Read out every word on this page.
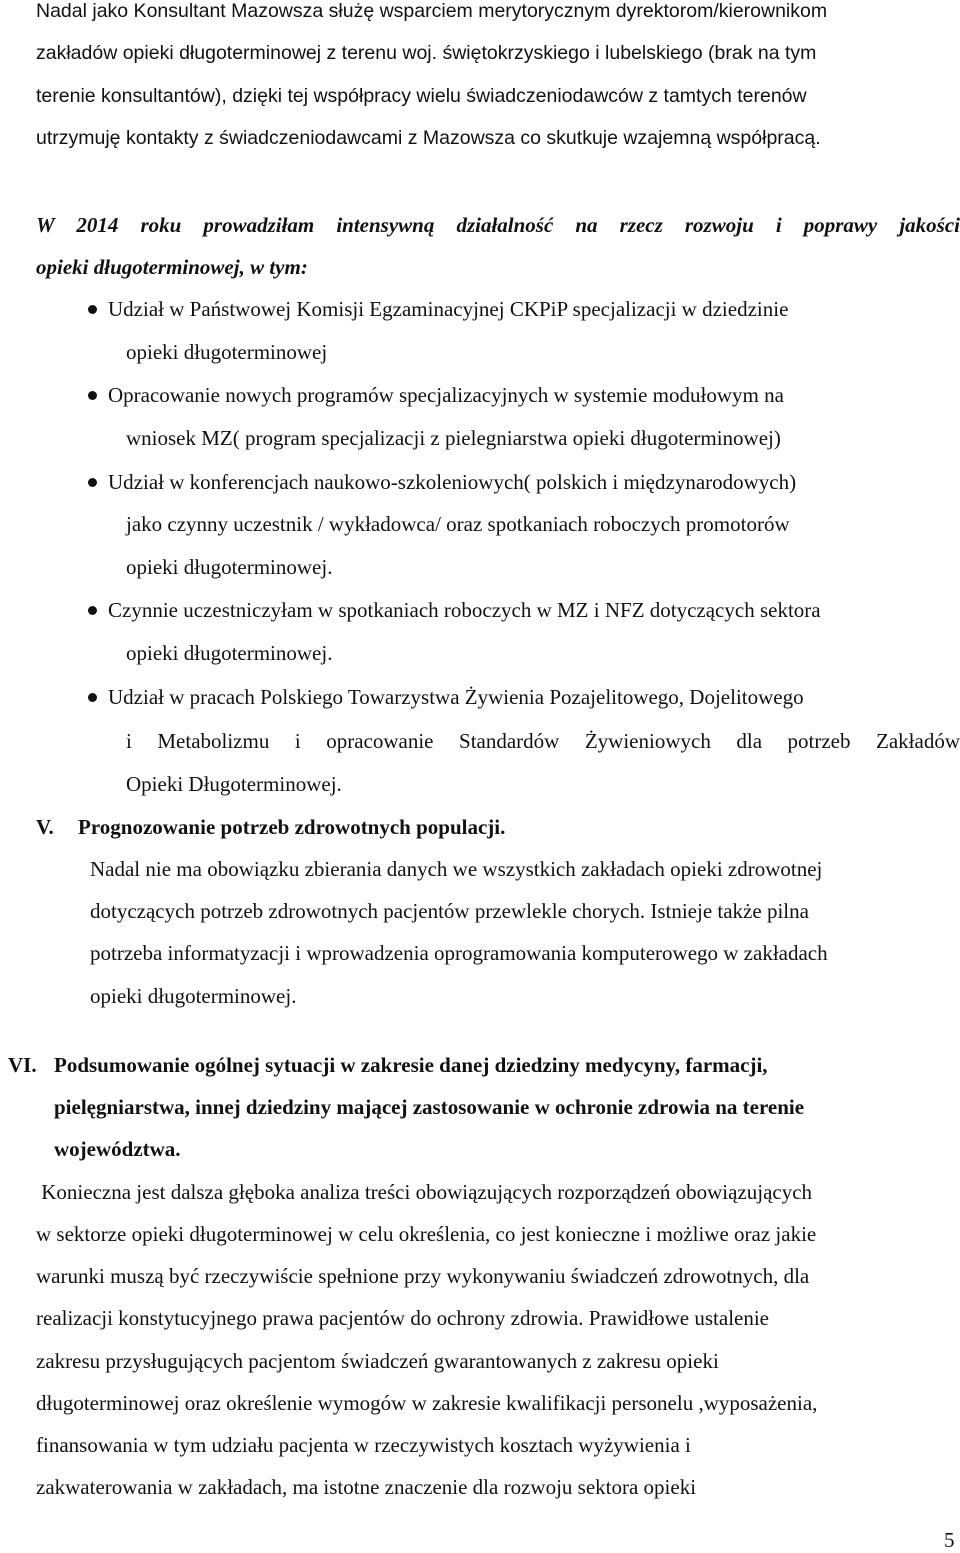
Nadal jako Konsultant Mazowsza służę wsparciem merytorycznym dyrektorom/kierownikom
zakładów opieki długoterminowej z terenu woj. świętokrzyskiego i lubelskiego (brak na tym
terenie konsultantów), dzięki tej współpracy wielu świadczeniodawców z tamtych terenów
utrzymuję kontakty z świadczeniodawcami z Mazowsza co skutkuje wzajemną współpracą.
W 2014 roku prowadziłam intensywną działalność na rzecz rozwoju i poprawy jakości
opieki długoterminowej, w tym:
Udział w Państwowej Komisji Egzaminacyjnej CKPiP specjalizacji w dziedzinie
opieki długoterminowej
Opracowanie nowych programów specjalizacyjnych w systemie modułowym na
wniosek MZ( program specjalizacji z pielegniarstwa opieki długoterminowej)
Udział w konferencjach naukowo-szkoleniowych( polskich i międzynarodowych)
jako czynny uczestnik / wykładowca/ oraz spotkaniach roboczych promotorów
opieki długoterminowej.
Czynnie uczestniczyłam w spotkaniach roboczych w MZ i NFZ dotyczących sektora
opieki długoterminowej.
Udział w pracach Polskiego Towarzystwa Żywienia Pozajelitowego, Dojelitowego
i Metabolizmu i opracowanie Standardów Żywieniowych dla potrzeb Zakładów
Opieki Długoterminowej.
V. Prognozowanie potrzeb zdrowotnych populacji.
Nadal nie ma obowiązku zbierania danych we wszystkich zakładach opieki zdrowotnej
dotyczących potrzeb zdrowotnych pacjentów przewlekle chorych. Istnieje także pilna
potrzeba informatyzacji i wprowadzenia oprogramowania komputerowego w zakładach
opieki długoterminowej.
VI. Podsumowanie ogólnej sytuacji w zakresie danej dziedziny medycyny, farmacji,
pielęgniarstwa, innej dziedziny mającej zastosowanie w ochronie zdrowia na terenie
województwa.
Konieczna jest dalsza głęboka analiza treści obowiązujących rozporządzeń obowiązujących
w sektorze opieki długoterminowej w celu określenia, co jest konieczne i możliwe oraz jakie
warunki muszą być rzeczywiście spełnione przy wykonywaniu świadczeń zdrowotnych, dla
realizacji konstytucyjnego prawa pacjentów do ochrony zdrowia. Prawidłowe ustalenie
zakresu przysługujących pacjentom świadczeń gwarantowanych z zakresu opieki
długoterminowej oraz określenie wymogów w zakresie kwalifikacji personelu ,wyposażenia,
finansowania w tym udziału pacjenta w rzeczywistych kosztach wyżywienia i
zakwaterowania w zakładach, ma istotne znaczenie dla rozwoju sektora opieki
5
